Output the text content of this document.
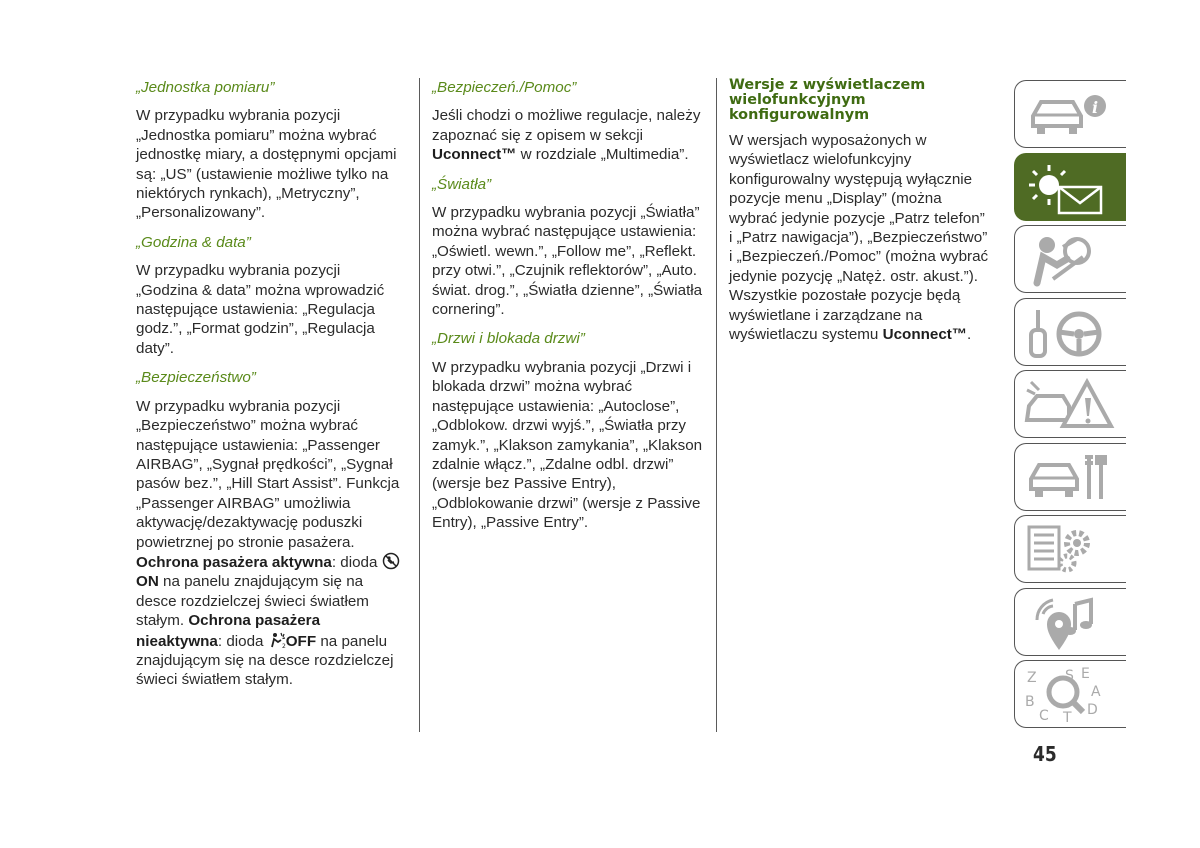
„Jednostka pomiaru”
W przypadku wybrania pozycji „Jednostka pomiaru” można wybrać jednostkę miary, a dostępnymi opcjami są: „US” (ustawienie możliwe tylko na niektórych rynkach), „Metryczny”, „Personalizowany”.
„Godzina & data”
W przypadku wybrania pozycji „Godzina & data” można wprowadzić następujące ustawienia: „Regulacja godz.”, „Format godzin”, „Regulacja daty”.
„Bezpieczeństwo”
W przypadku wybrania pozycji „Bezpieczeństwo” można wybrać następujące ustawienia: „Passenger AIRBAG”, „Sygnał prędkości”, „Sygnał pasów bez.”, „Hill Start Assist”. Funkcja „Passenger AIRBAG” umożliwia aktywację/dezaktywację poduszki powietrznej po stronie pasażera. Ochrona pasażera aktywna: dioda ON na panelu znajdującym się na desce rozdzielczej świeci światłem stałym. Ochrona pasażera nieaktywna: dioda	2 OFF na panelu znajdującym się na desce rozdzielczej świeci światłem stałym.
„Bezpieczeń./Pomoc”
Jeśli chodzi o możliwe regulacje, należy zapoznać się z opisem w sekcji Uconnect™ w rozdziale „Multimedia”.
„Światła”
W przypadku wybrania pozycji „Światła” można wybrać następujące ustawienia: „Oświetl. wewn.”, „Follow me”, „Reflekt. przy otwi.”, „Czujnik reflektorów”, „Auto. świat. drog.”, „Światła dzienne”, „Światła cornering”.
„Drzwi i blokada drzwi”
W przypadku wybrania pozycji „Drzwi i blokada drzwi” można wybrać następujące ustawienia: „Autoclose”, „Odblokow. drzwi wyjś.”, „Światła przy zamyk.”, „Klakson zamykania”, „Klakson zdalnie włącz.”, „Zdalne odbl. drzwi” (wersje bez Passive Entry), „Odblokowanie drzwi” (wersje z Passive Entry), „Passive Entry”.
Wersje z wyświetlaczem wielofunkcyjnym konfigurowalnym
W wersjach wyposażonych w wyświetlacz wielofunkcyjny konfigurowalny występują wyłącznie pozycje menu „Display” (można wybrać jedynie pozycje „Patrz telefon” i „Patrz nawigacja”), „Bezpieczeństwo” i „Bezpieczeń./Pomoc” (można wybrać jedynie pozycję „Natęż. ostr. akust.”). Wszystkie pozostałe pozycje będą wyświetlane i zarządzane na wyświetlaczu systemu Uconnect™.
i
Z	E
S
A
B
C T D
45
